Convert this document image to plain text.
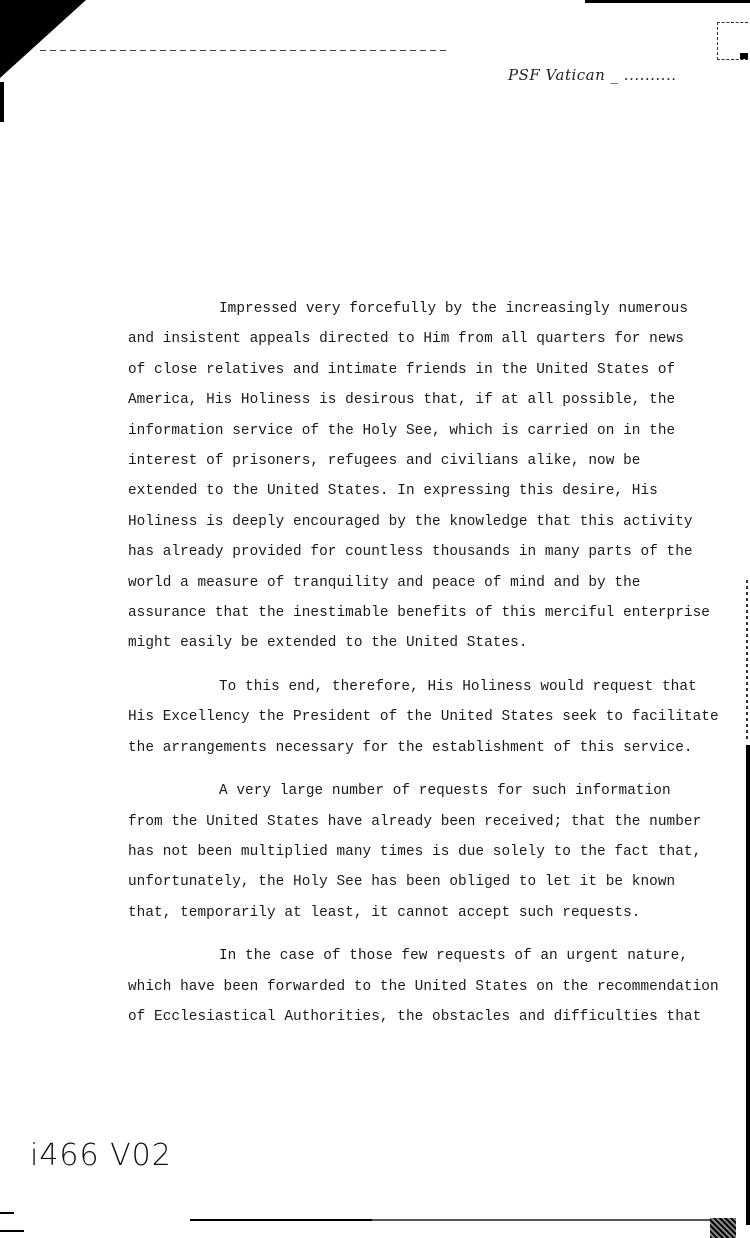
PSF Vatican _ ..........

Impressed very forcefully by the increasingly numerous
and insistent appeals directed to Him from all quarters for news
of close relatives and intimate friends in the United States of
America, His Holiness is desirous that, if at all possible, the
information service of the Holy See, which is carried on in the
interest of prisoners, refugees and civilians alike, now be
extended to the United States. In expressing this desire, His
Holiness is deeply encouraged by the knowledge that this activity
has already provided for countless thousands in many parts of the
world a measure of tranquility and peace of mind and by the
assurance that the inestimable benefits of this merciful enterprise
might easily be extended to the United States.

To this end, therefore, His Holiness would request that
His Excellency the President of the United States seek to facilitate
the arrangements necessary for the establishment of this service.

A very large number of requests for such information
from the United States have already been received; that the number
has not been multiplied many times is due solely to the fact that,
unfortunately, the Holy See has been obliged to let it be known
that, temporarily at least, it cannot accept such requests.

In the case of those few requests of an urgent nature,
which have been forwarded to the United States on the recommendation
of Ecclesiastical Authorities, the obstacles and difficulties that

i466 V02
